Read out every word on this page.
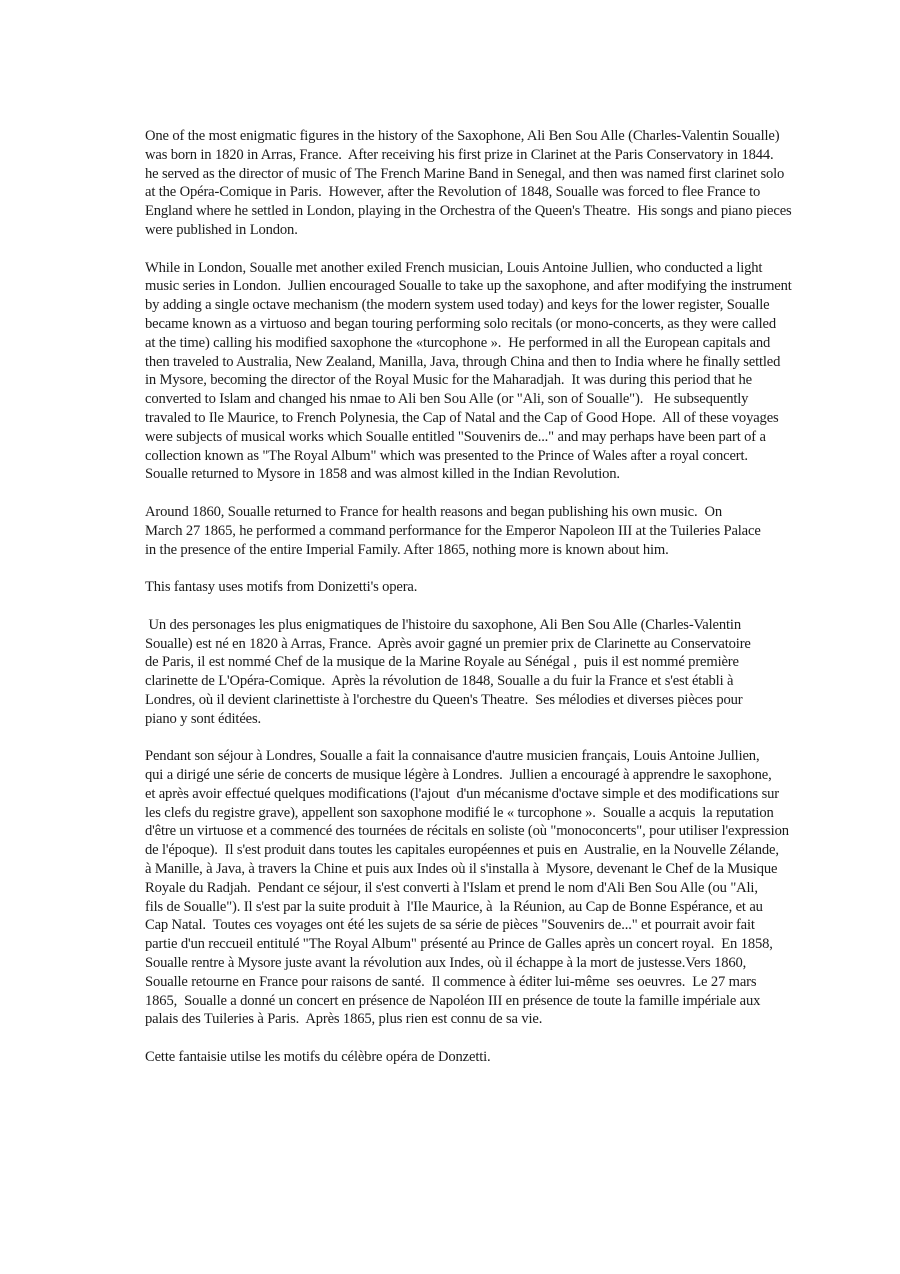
One of the most enigmatic figures in the history of the Saxophone, Ali Ben Sou Alle (Charles-Valentin Soualle)
was born in 1820 in Arras, France.  After receiving his first prize in Clarinet at the Paris Conservatory in 1844.
he served as the director of music of The French Marine Band in Senegal, and then was named first clarinet solo
at the Opéra-Comique in Paris.  However, after the Revolution of 1848, Soualle was forced to flee France to
England where he settled in London, playing in the Orchestra of the Queen's Theatre.  His songs and piano pieces
were published in London.

While in London, Soualle met another exiled French musician, Louis Antoine Jullien, who conducted a light
music series in London.  Jullien encouraged Soualle to take up the saxophone, and after modifying the instrument
by adding a single octave mechanism (the modern system used today) and keys for the lower register, Soualle
became known as a virtuoso and began touring performing solo recitals (or mono-concerts, as they were called
at the time) calling his modified saxophone the «turcophone ».  He performed in all the European capitals and
then traveled to Australia, New Zealand, Manilla, Java, through China and then to India where he finally settled
in Mysore, becoming the director of the Royal Music for the Maharadjah.  It was during this period that he
converted to Islam and changed his nmae to Ali ben Sou Alle (or "Ali, son of Soualle").   He subsequently
travaled to Ile Maurice, to French Polynesia, the Cap of Natal and the Cap of Good Hope.  All of these voyages
were subjects of musical works which Soualle entitled "Souvenirs de..." and may perhaps have been part of a
collection known as "The Royal Album" which was presented to the Prince of Wales after a royal concert.
Soualle returned to Mysore in 1858 and was almost killed in the Indian Revolution.

Around 1860, Soualle returned to France for health reasons and began publishing his own music.  On
March 27 1865, he performed a command performance for the Emperor Napoleon III at the Tuileries Palace
in the presence of the entire Imperial Family. After 1865, nothing more is known about him.

This fantasy uses motifs from Donizetti's opera.

Un des personages les plus enigmatiques de l'histoire du saxophone, Ali Ben Sou Alle (Charles-Valentin
Soualle) est né en 1820 à Arras, France.  Après avoir gagné un premier prix de Clarinette au Conservatoire
de Paris, il est nommé Chef de la musique de la Marine Royale au Sénégal ,  puis il est nommé première
clarinette de L'Opéra-Comique.  Après la révolution de 1848, Soualle a du fuir la France et s'est établi à
Londres, où il devient clarinettiste à l'orchestre du Queen's Theatre.  Ses mélodies et diverses pièces pour
piano y sont éditées.

Pendant son séjour à Londres, Soualle a fait la connaisance d'autre musicien français, Louis Antoine Jullien,
qui a dirigé une série de concerts de musique légère à Londres.  Jullien a encouragé à apprendre le saxophone,
et après avoir effectué quelques modifications (l'ajout  d'un mécanisme d'octave simple et des modifications sur
les clefs du registre grave), appellent son saxophone modifié le « turcophone ».  Soualle a acquis  la reputation
d'être un virtuose et a commencé des tournées de récitals en soliste (où "monoconcerts", pour utiliser l'expression
de l'époque).  Il s'est produit dans toutes les capitales européennes et puis en  Australie, en la Nouvelle Zélande,
à Manille, à Java, à travers la Chine et puis aux Indes où il s'installa à  Mysore, devenant le Chef de la Musique
Royale du Radjah.  Pendant ce séjour, il s'est converti à l'Islam et prend le nom d'Ali Ben Sou Alle (ou "Ali,
fils de Soualle"). Il s'est par la suite produit à  l'Ile Maurice, à  la Réunion, au Cap de Bonne Espérance, et au
Cap Natal.  Toutes ces voyages ont été les sujets de sa série de pièces "Souvenirs de..." et pourrait avoir fait
partie d'un reccueil entitulé "The Royal Album" présenté au Prince de Galles après un concert royal.  En 1858,
Soualle rentre à Mysore juste avant la révolution aux Indes, où il échappe à la mort de justesse.Vers 1860,
Soualle retourne en France pour raisons de santé.  Il commence à éditer lui-même  ses oeuvres.  Le 27 mars
1865,  Soualle a donné un concert en présence de Napoléon III en présence de toute la famille impériale aux
palais des Tuileries à Paris.  Après 1865, plus rien est connu de sa vie.

Cette fantaisie utilse les motifs du célèbre opéra de Donzetti.
